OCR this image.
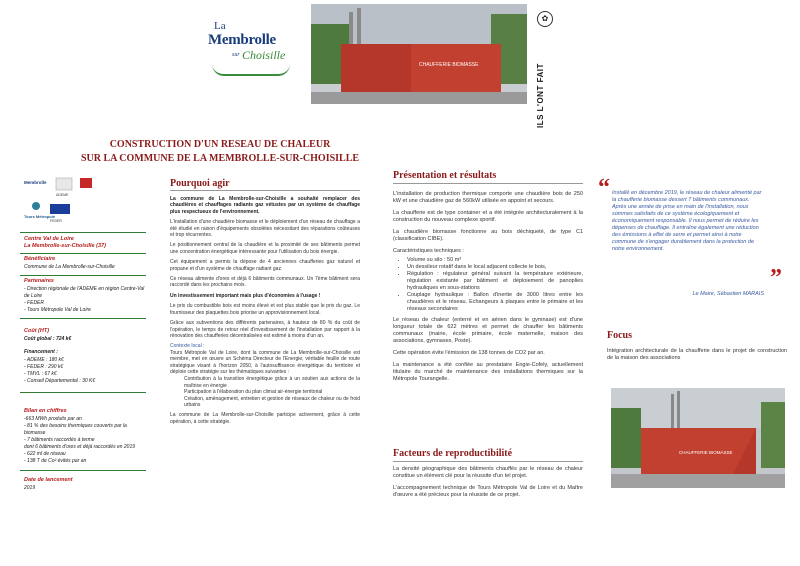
La
Membrolle
sur Choisille
CHAUFFERIE BIOMASSE
✿
ILS L'ONT FAIT
CONSTRUCTION D'UN RESEAU DE CHALEUR
SUR LA COMMUNE DE LA MEMBROLLE-SUR-CHOISILLE
Membrolle
ADEME
Tours Métropole
FEDER
Centre Val de Loire
La Membrolle-sur-Choisille (37)
Bénéficiaire
Commune de La Membrolle-sur-Choisille
Partenaires
- Direction régionale de l'ADEME en région Centre-Val de Loire
- FEDER
- Tours Métropole Val de Loire
Coût (HT)
Coût global : 724 k€
Financement :
- ADEME : 180 k€
- FEDER : 290 k€
- TMVL : 67 k€
- Conseil Départemental : 30 K€
Bilan en chiffres
-663 MWh produits par an
- 81 % des besoins thermiques couverts par la biomasse
- 7 bâtiments raccordés à terme
dont 6 bâtiments d'ores et déjà raccordés en 2019
- 622 ml de réseau
- 138 T de Co² évités par an
Date de lancement
2019
Pourquoi agir

La commune de La Membrolle-sur-Choisille a souhaité remplacer des chaudières et chauffages radiants gaz vétustes par un système de chauffage plus respectueux de l'environnement.

L'installation d'une chaudière biomasse et le déploiement d'un réseau de chauffage a été étudié en raison d'équipements obsolètes nécessitant des réparations coûteuses et trop récurrentes.

Le positionnement central de la chaudière et la proximité de ses bâtiments permet une concentration énergétique intéressante pour l'utilisation du bois énergie.

Cet équipement a permis la dépose de 4 anciennes chaufferies gaz naturel et propane et d'un système de chauffage radiant gaz.

Ce réseau alimente d'ores et déjà 6 bâtiments communaux. Un 7ème bâtiment sera raccordé dans les prochains mois.

Un investissement important mais plus d'économies à l'usage !

Le prix du combustible bois est moins élevé et est plus stable que le prix du gaz. Le fournisseur des plaquettes bois priorise un approvisionnement local.

Grâce aux subventions des différents partenaires, à hauteur de 80 % du coût de l'opération, le temps de retour réel d'investissement de l'installation par rapport à la rénovation des chaufferies décentralisées est estimé à moins d'un an.

Contexte local :

Tours Métropole Val de Loire, dont la commune de La Membrolle-sur-Choisille est membre, met en œuvre un Schéma Directeur de l'Energie, véritable feuille de route stratégique visant à l'horizon 2050, à l'autosuffisance énergétique du territoire et déploie cette stratégie sur les thématiques suivantes :

Contribution à la transition énergétique grâce à un soutien aux actions de la maîtrise en énergie
Participation à l'élaboration du plan climat air-énergie territorial
Création, aménagement, entretien et gestion de réseaux de chaleur ou de froid urbains

La commune de La Membrolle-sur-Choisille participe activement, grâce à cette opération, à cette stratégie.

Présentation et résultats

L'installation de production thermique comporte une chaudière bois de 250 kW et une chaudière gaz de 560kW utilisée en appoint et secours.

La chaufferie est de type container et a été intégrée architecturalement à la construction du nouveau complexe sportif.

La chaudière biomasse fonctionne au bois déchiqueté, de type C1 (classification CIBE).

Caractéristiques techniques :

• Volume su silo : 50 m³
• Un dessileur rotatif dans le local adjacent collecte le bois,
• Régulation : régulateur général suivant la température extérieure, régulation existante par bâtiment et déploiement de panoplies hydrauliques en sous-stations
• Couplage hydraulique : Ballon d'inertie de 3000 litres entre les chaudières et le réseau. Echangeurs à plaques entre le primaire et les réseaux secondaires

Le réseau de chaleur (enterré et en aérien dans le gymnase) est d'une longueur totale de 622 mètres et permet de chauffer les bâtiments communaux (mairie, école primaire, école maternelle, maison des associations, gymnases, Poste).

Cette opération évite l'émission de 138 tonnes de CO2 par an.

La maintenance a été confiée au prestataire Engie-Cofely, actuellement titulaire du marché de maintenance des installations thermiques sur la Métropole Tourangelle.

Facteurs de reproductibilité

La densité géographique des bâtiments chauffés par le réseau de chaleur constitue un élément clé pour la réussite d'un tel projet.

L'accompagnement technique de Tours Métropole Val de Loire et du Maître d'œuvre a été précieux pour la réussite de ce projet.

“ Installé en décembre 2019, le réseau de chaleur alimenté par la chaufferie biomasse dessert 7 bâtiments communaux. Après une année de prise en main de l'installation, nous sommes satisfaits de ce système écologiquement et économiquement responsable. Il nous permet de réduire les dépenses de chauffage. Il entraîne également une réduction des émissions à effet de serre et permet ainsi à notre commune de s'engager durablement dans la protection de notre environnement.
”
Le Maire, Sébastien MARAIS
Focus
Intégration architecturale de la chaufferie dans le projet de construction de la maison des associations
CHAUFFERIE BIOMASSE
